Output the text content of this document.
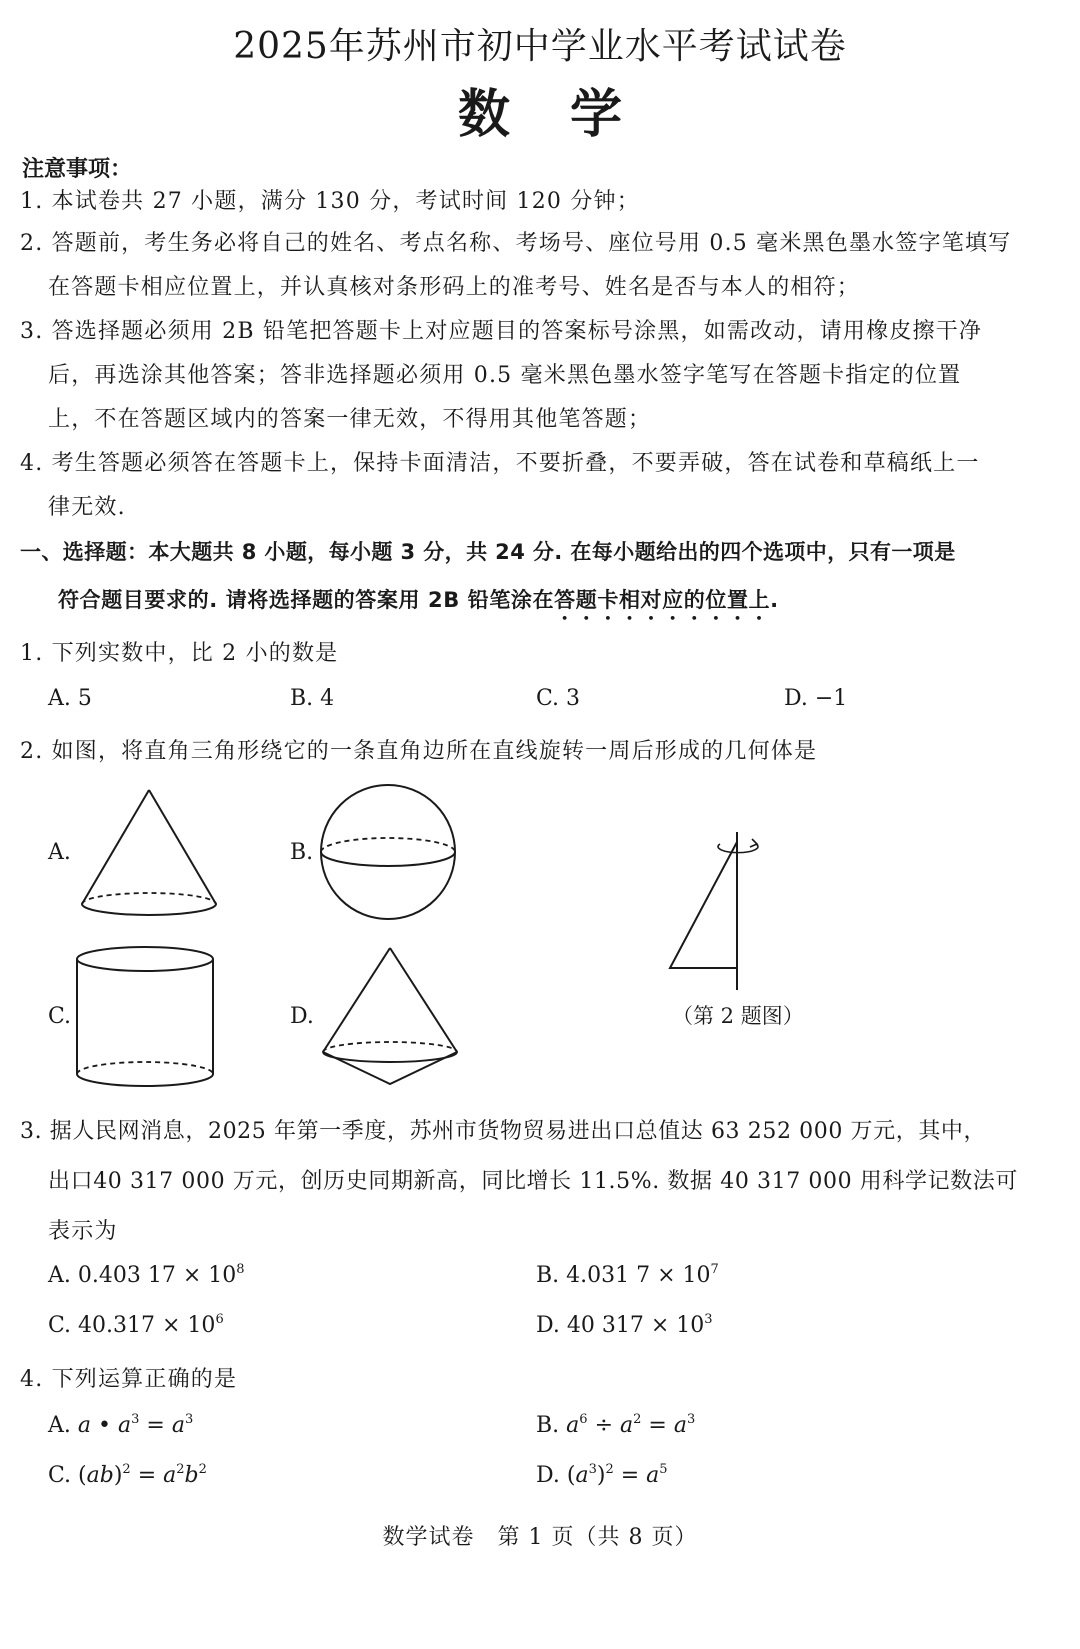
2025年苏州市初中学业水平考试试卷
数学
注意事项：
1. 本试卷共 27 小题，满分 130 分，考试时间 120 分钟；
2. 答题前，考生务必将自己的姓名、考点名称、考场号、座位号用 0.5 毫米黑色墨水签字笔填写
在答题卡相应位置上，并认真核对条形码上的准考号、姓名是否与本人的相符；
3. 答选择题必须用 2B 铅笔把答题卡上对应题目的答案标号涂黑，如需改动，请用橡皮擦干净
后，再选涂其他答案；答非选择题必须用 0.5 毫米黑色墨水签字笔写在答题卡指定的位置
上，不在答题区域内的答案一律无效，不得用其他笔答题；
4. 考生答题必须答在答题卡上，保持卡面清洁，不要折叠，不要弄破，答在试卷和草稿纸上一
律无效.
一、选择题：本大题共 8 小题，每小题 3 分，共 24 分. 在每小题给出的四个选项中，只有一项是
符合题目要求的. 请将选择题的答案用 2B 铅笔涂在答题卡相对应的位置上.
1. 下列实数中，比 2 小的数是
A. 5	B. 4	C. 3	D. −1
2. 如图，将直角三角形绕它的一条直角边所在直线旋转一周后形成的几何体是
A.	B.
C.	D.	（第 2 题图）
3. 据人民网消息，2025 年第一季度，苏州市货物贸易进出口总值达 63 252 000 万元，其中，
出口40 317 000 万元，创历史同期新高，同比增长 11.5%. 数据 40 317 000 用科学记数法可
表示为
A. 0.403 $17 \times 10^8$	B. 4.031 $7 \times 10^7$
C. $40.317 \times 10^6$	D. 40 $317 \times 10^3$
4. 下列运算正确的是
A. a • $a^3 = a^3$	B. $a^6 \div a^2 = a^3$
C. $(ab)^2 = a^2b^2$	D. $(a^3)^2 = a^5$
数学试卷　第 1 页（共 8 页）
